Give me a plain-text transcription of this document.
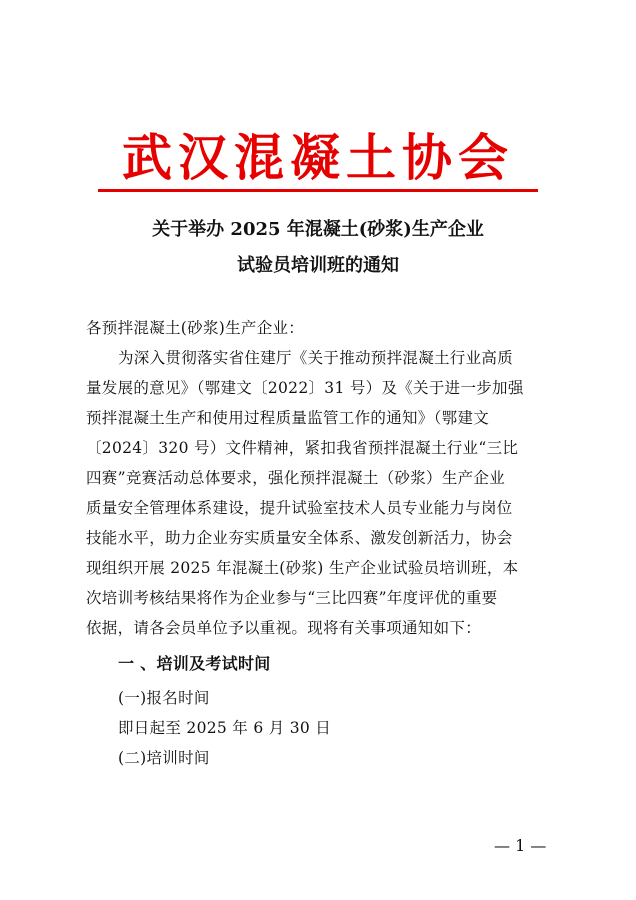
武汉混凝土协会
关于举办 2025 年混凝土(砂浆)生产企业
试验员培训班的通知
各预拌混凝土(砂浆)生产企业：
为深入贯彻落实省住建厅《关于推动预拌混凝土行业高质
量发展的意见》（鄂建文〔2022〕31 号）及《关于进一步加强
预拌混凝土生产和使用过程质量监管工作的通知》（鄂建文
〔2024〕320 号）文件精神，紧扣我省预拌混凝土行业“三比
四赛”竞赛活动总体要求，强化预拌混凝土（砂浆）生产企业
质量安全管理体系建设，提升试验室技术人员专业能力与岗位
技能水平，助力企业夯实质量安全体系、激发创新活力，协会
现组织开展 2025 年混凝土(砂浆) 生产企业试验员培训班，本
次培训考核结果将作为企业参与“三比四赛”年度评优的重要
依据，请各会员单位予以重视。现将有关事项通知如下：
一 、培训及考试时间
(一)报名时间
即日起至 2025 年 6 月 30 日
(二)培训时间
— 1 —
